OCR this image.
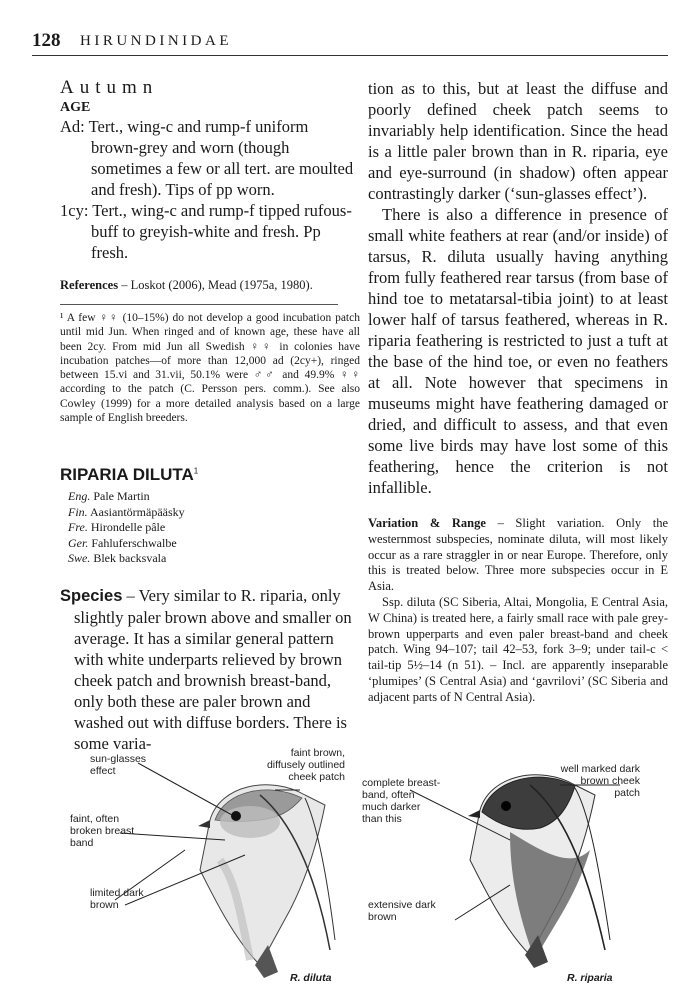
128 HIRUNDINIDAE
Autumn
AGE

Ad: Tert., wing-c and rump-f uniform brown-grey and worn (though sometimes a few or all tert. are moulted and fresh). Tips of pp worn.

1cy: Tert., wing-c and rump-f tipped rufous-buff to greyish-white and fresh. Pp fresh.

References – Loskot (2006), Mead (1975a, 1980).
¹ A few ♀♀ (10–15%) do not develop a good incubation patch until mid Jun. When ringed and of known age, these have all been 2cy. From mid Jun all Swedish ♀♀ in colonies have incubation patches—of more than 12,000 ad (2cy+), ringed between 15.vi and 31.vii, 50.1% were ♂♂ and 49.9% ♀♀ according to the patch (C. Persson pers. comm.). See also Cowley (1999) for a more detailed analysis based on a large sample of English breeders.
RIPARIA DILUTA$^1$
Eng. Pale Martin
Fin. Aasiantörmäpääsky
Fre. Hirondelle pâle
Ger. Fahluferschwalbe
Swe. Blek backsvala
Species – Very similar to R. riparia, only slightly paler brown above and smaller on average. It has a similar general pattern with white underparts relieved by brown cheek patch and brownish breast-band, only both these are paler brown and washed out with diffuse borders. There is some varia-

tion as to this, but at least the diffuse and poorly defined cheek patch seems to invariably help identification. Since the head is a little paler brown than in R. riparia, eye and eye-surround (in shadow) often appear contrastingly darker (‘sun-glasses effect’).

There is also a difference in presence of small white feathers at rear (and/or inside) of tarsus, R. diluta usually having anything from fully feathered rear tarsus (from base of hind toe to metatarsal-tibia joint) to at least lower half of tarsus feathered, whereas in R. riparia feathering is restricted to just a tuft at the base of the hind toe, or even no feathers at all. Note however that specimens in museums might have feathering damaged or dried, and difficult to assess, and that even some live birds may have lost some of this feathering, hence the criterion is not infallible.

Variation & Range – Slight variation. Only the westernmost subspecies, nominate diluta, will most likely occur as a rare straggler in or near Europe. Therefore, only this is treated below. Three more subspecies occur in E Asia.

Ssp. diluta (SC Siberia, Altai, Mongolia, E Central Asia, W China) is treated here, a fairly small race with pale grey-brown upperparts and even paler breast-band and cheek patch. Wing 94–107; tail 42–53, fork 3–9; under tail-c < tail-tip 5½–14 (n 51). – Incl. are apparently inseparable ‘plumipes’ (S Central Asia) and ‘gavrilovi’ (SC Siberia and adjacent parts of N Central Asia).

sun-glasses effect
faint brown, diffusely outlined cheek patch
faint, often broken breast band
limited dark brown
R. diluta
complete breast-band, often much darker than this
well marked dark brown cheek patch
extensive dark brown
R. riparia
